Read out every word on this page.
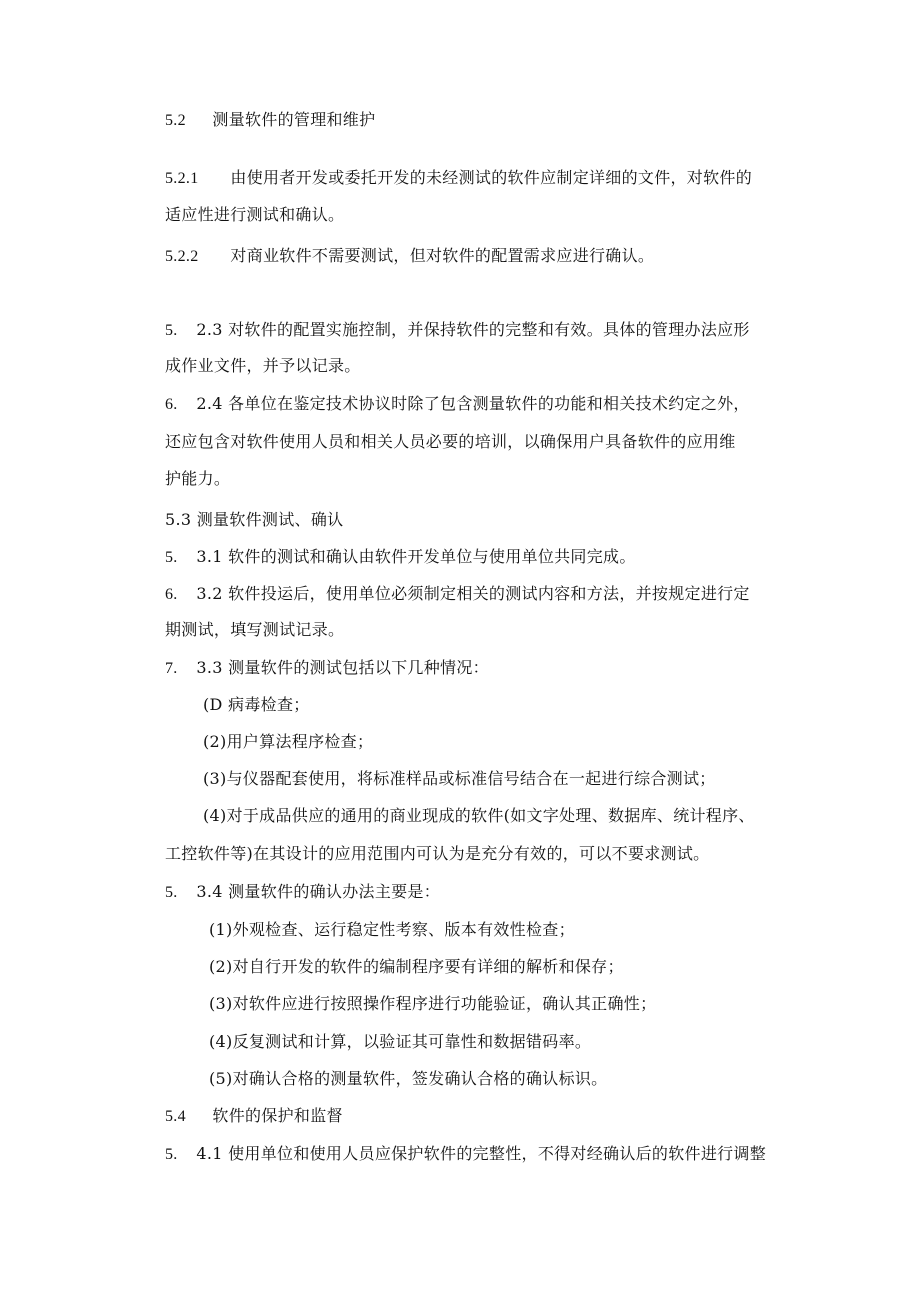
5.2 测量软件的管理和维护
5.2.1 由使用者开发或委托开发的未经测试的软件应制定详细的文件，对软件的
适应性进行测试和确认。
5.2.2 对商业软件不需要测试，但对软件的配置需求应进行确认。
5. 2.3 对软件的配置实施控制，并保持软件的完整和有效。具体的管理办法应形
成作业文件，并予以记录。
6. 2.4 各单位在鉴定技术协议时除了包含测量软件的功能和相关技术约定之外，
还应包含对软件使用人员和相关人员必要的培训，以确保用户具备软件的应用维
护能力。
5.3 测量软件测试、确认
5. 3.1 软件的测试和确认由软件开发单位与使用单位共同完成。
6. 3.2 软件投运后，使用单位必须制定相关的测试内容和方法，并按规定进行定
期测试，填写测试记录。
7. 3.3 测量软件的测试包括以下几种情况：
(D 病毒检查；
(2)用户算法程序检查；
(3)与仪器配套使用，将标准样品或标准信号结合在一起进行综合测试；
(4)对于成品供应的通用的商业现成的软件(如文字处理、数据库、统计程序、
工控软件等)在其设计的应用范围内可认为是充分有效的，可以不要求测试。
5. 3.4 测量软件的确认办法主要是：
(1)外观检查、运行稳定性考察、版本有效性检查；
(2)对自行开发的软件的编制程序要有详细的解析和保存；
(3)对软件应进行按照操作程序进行功能验证，确认其正确性；
(4)反复测试和计算，以验证其可靠性和数据错码率。
(5)对确认合格的测量软件，签发确认合格的确认标识。
5.4 软件的保护和监督
5. 4.1 使用单位和使用人员应保护软件的完整性，不得对经确认后的软件进行调整
